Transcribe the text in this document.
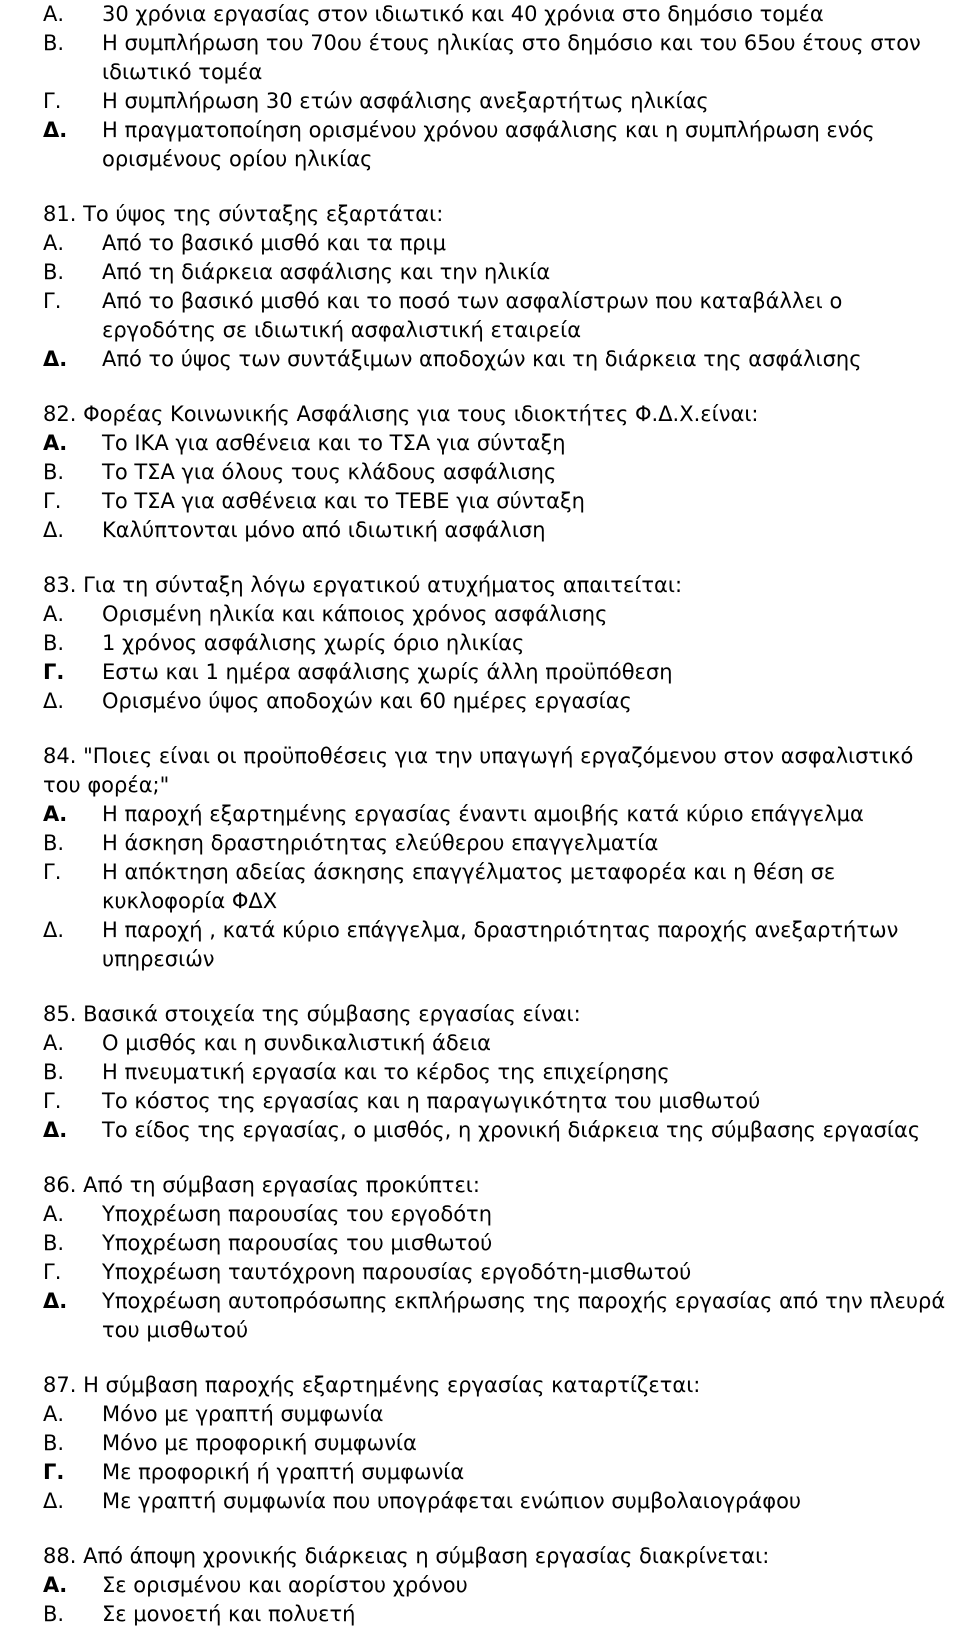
Α.	30 χρόνια εργασίας στον ιδιωτικό και 40 χρόνια στο δημόσιο τομέα
Β.	Η συμπλήρωση του 70ου έτους ηλικίας στο δημόσιο και του 65ου έτους στον ιδιωτικό τομέα
Γ.	Η συμπλήρωση 30 ετών ασφάλισης ανεξαρτήτως ηλικίας
Δ.	Η πραγματοποίηση ορισμένου χρόνου ασφάλισης και η συμπλήρωση ενός ορισμένους ορίου ηλικίας
81. Το ύψος της σύνταξης εξαρτάται:
Α.	Από το βασικό μισθό και τα πριμ
Β.	Από τη διάρκεια ασφάλισης και την ηλικία
Γ.	Από το βασικό μισθό και το ποσό των ασφαλίστρων που καταβάλλει ο εργοδότης σε ιδιωτική ασφαλιστική εταιρεία
Δ.	Από το ύψος των συντάξιμων αποδοχών και τη διάρκεια της ασφάλισης
82. Φορέας Κοινωνικής Ασφάλισης για τους ιδιοκτήτες Φ.Δ.Χ.είναι:
Α.	Το ΙΚΑ για ασθένεια και το ΤΣΑ για σύνταξη
Β.	Το ΤΣΑ για όλους τους κλάδους ασφάλισης
Γ.	Το ΤΣΑ για ασθένεια και το ΤΕΒΕ για σύνταξη
Δ.	Καλύπτονται μόνο από ιδιωτική ασφάλιση
83. Για τη σύνταξη λόγω εργατικού ατυχήματος απαιτείται:
Α.	Ορισμένη ηλικία και κάποιος χρόνος ασφάλισης
Β.	1 χρόνος ασφάλισης χωρίς όριο ηλικίας
Γ.	Εστω και 1 ημέρα ασφάλισης χωρίς άλλη προϋπόθεση
Δ.	Ορισμένο ύψος αποδοχών και 60 ημέρες εργασίας
84. "Ποιες είναι οι προϋποθέσεις για την υπαγωγή εργαζόμενου στον ασφαλιστικό του φορέα;"
Α.	Η παροχή εξαρτημένης εργασίας έναντι αμοιβής κατά κύριο επάγγελμα
Β.	Η άσκηση δραστηριότητας ελεύθερου επαγγελματία
Γ.	Η απόκτηση αδείας άσκησης επαγγέλματος μεταφορέα και η θέση σε κυκλοφορία ΦΔΧ
Δ.	Η παροχή , κατά κύριο επάγγελμα, δραστηριότητας παροχής ανεξαρτήτων υπηρεσιών
85. Βασικά στοιχεία της σύμβασης εργασίας είναι:
Α.	Ο μισθός και η συνδικαλιστική άδεια
Β.	Η πνευματική εργασία και το κέρδος της επιχείρησης
Γ.	Το κόστος της εργασίας και η παραγωγικότητα του μισθωτού
Δ.	Το είδος της εργασίας, ο μισθός, η χρονική διάρκεια της σύμβασης εργασίας
86. Από τη σύμβαση εργασίας προκύπτει:
Α.	Υποχρέωση παρουσίας του εργοδότη
Β.	Υποχρέωση παρουσίας του μισθωτού
Γ.	Υποχρέωση ταυτόχρονη παρουσίας εργοδότη-μισθωτού
Δ.	Υποχρέωση αυτοπρόσωπης εκπλήρωσης της παροχής εργασίας από την πλευρά του μισθωτού
87. Η σύμβαση παροχής εξαρτημένης εργασίας καταρτίζεται:
Α.	Μόνο με γραπτή συμφωνία
Β.	Μόνο με προφορική συμφωνία
Γ.	Με προφορική ή γραπτή συμφωνία
Δ.	Με γραπτή συμφωνία που υπογράφεται ενώπιον συμβολαιογράφου
88. Από άποψη χρονικής διάρκειας η σύμβαση εργασίας διακρίνεται:
Α.	Σε ορισμένου και αορίστου χρόνου
Β.	Σε μονοετή και πολυετή
